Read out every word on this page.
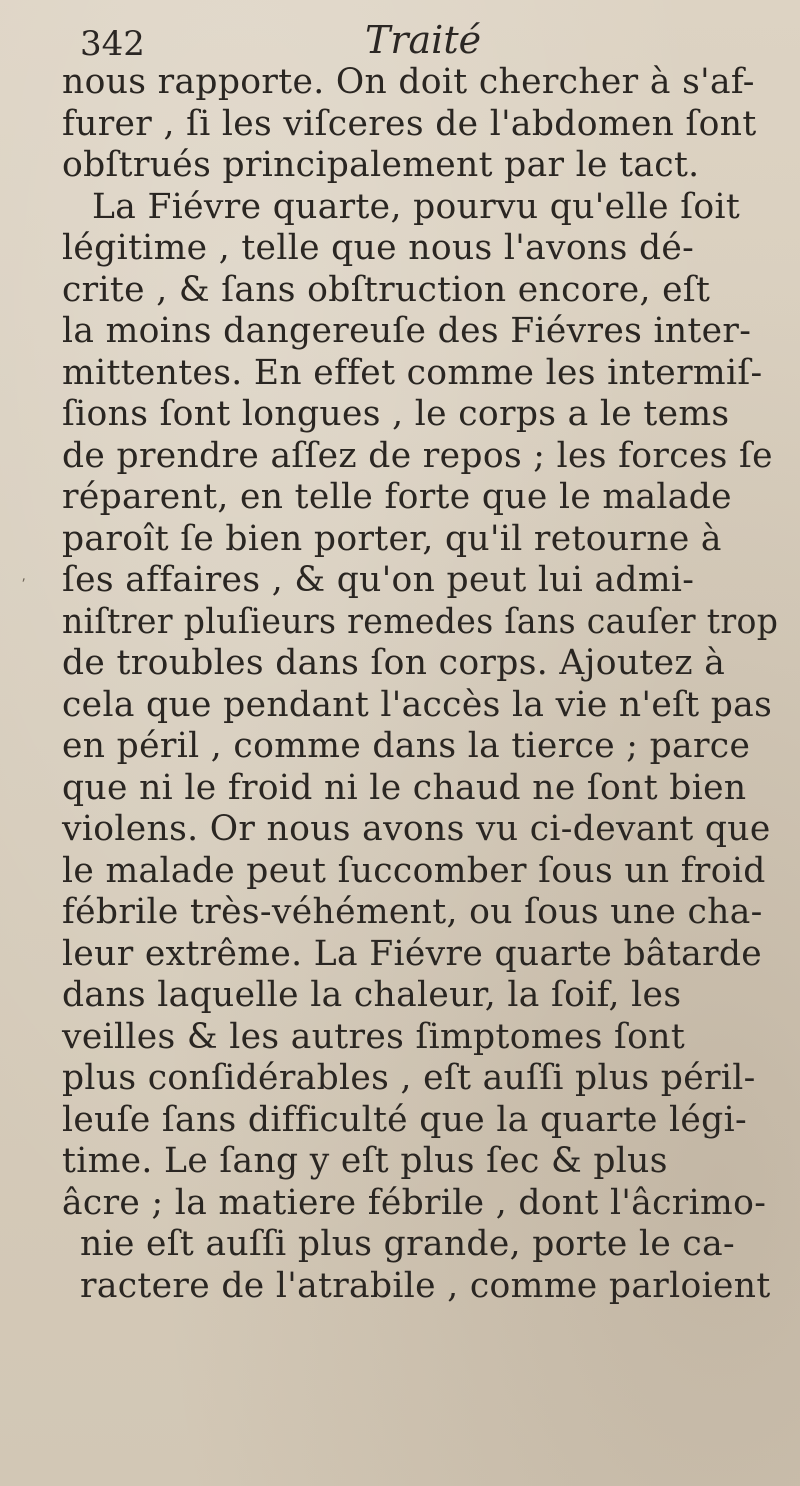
342	Traité
⸴
nous rapporte. On doit chercher à s'af-
furer , ſi les viſceres de l'abdomen ſont
obſtrués principalement par le tact.
La Fiévre quarte, pourvu qu'elle ſoit
légitime , telle que nous l'avons dé-
crite , & ſans obſtruction encore, eſt
la moins dangereuſe des Fiévres inter-
mittentes. En effet comme les intermiſ-
ſions ſont longues , le corps a le tems
de prendre aſſez de repos ; les forces ſe
réparent, en telle forte que le malade
paroît ſe bien porter, qu'il retourne à
ſes affaires , & qu'on peut lui admi-
niſtrer pluſieurs remedes ſans cauſer trop
de troubles dans ſon corps. Ajoutez à
cela que pendant l'accès la vie n'eſt pas
en péril , comme dans la tierce ; parce
que ni le froid ni le chaud ne ſont bien
violens. Or nous avons vu ci-devant que
le malade peut ſuccomber ſous un froid
fébrile très-véhément, ou ſous une cha-
leur extrême. La Fiévre quarte bâtarde
dans laquelle la chaleur, la ſoif, les
veilles & les autres ſimptomes ſont
plus conſidérables , eſt auſſi plus péril-
leuſe ſans difficulté que la quarte légi-
time. Le ſang y eſt plus ſec & plus
âcre ; la matiere fébrile , dont l'âcrimo-
nie eſt auſſi plus grande, porte le ca-
ractere de l'atrabile , comme parloient
